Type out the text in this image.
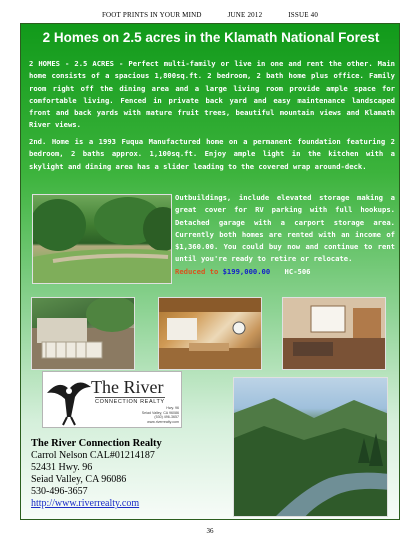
FOOT PRINTS IN YOUR MIND	JUNE 2012	ISSUE 40
2 Homes on 2.5 acres in the Klamath National Forest

2 HOMES - 2.5 ACRES - Perfect multi-family or live in one and rent the other. Main home consists of a spacious 1,800sq.ft. 2 bedroom, 2 bath home plus office. Family room right off the dining area and a large living room provide ample space for comfortable living. Fenced in private back yard and easy maintenance landscaped front and back yards with mature fruit trees, beautiful mountain views and Klamath River views.

2nd. Home is a 1993 Fuqua Manufactured home on a permanent foundation featuring 2 bedroom, 2 baths approx. 1,100sq.ft. Enjoy ample light in the kitchen with a skylight and dining area has a slider leading to the covered wrap around-deck.

Outbuildings, include elevated storage making a great cover for RV parking with full hookups. Detached garage with a carport storage area. Currently both homes are rented with an income of $1,360.00. You could buy now and continue to rent until you're ready to retire or relocate.

Reduced to $199,000.00 HC-506

The River
CONNECTION REALTY
Hwy. 96
Seiad Valley, CA 96086
(530) 496-3657
www.riverrealty.com
The River Connection Realty
Carrol Nelson CAL#01214187
52431 Hwy. 96
Seiad Valley, CA 96086
530-496-3657
http://www.riverrealty.com
36
